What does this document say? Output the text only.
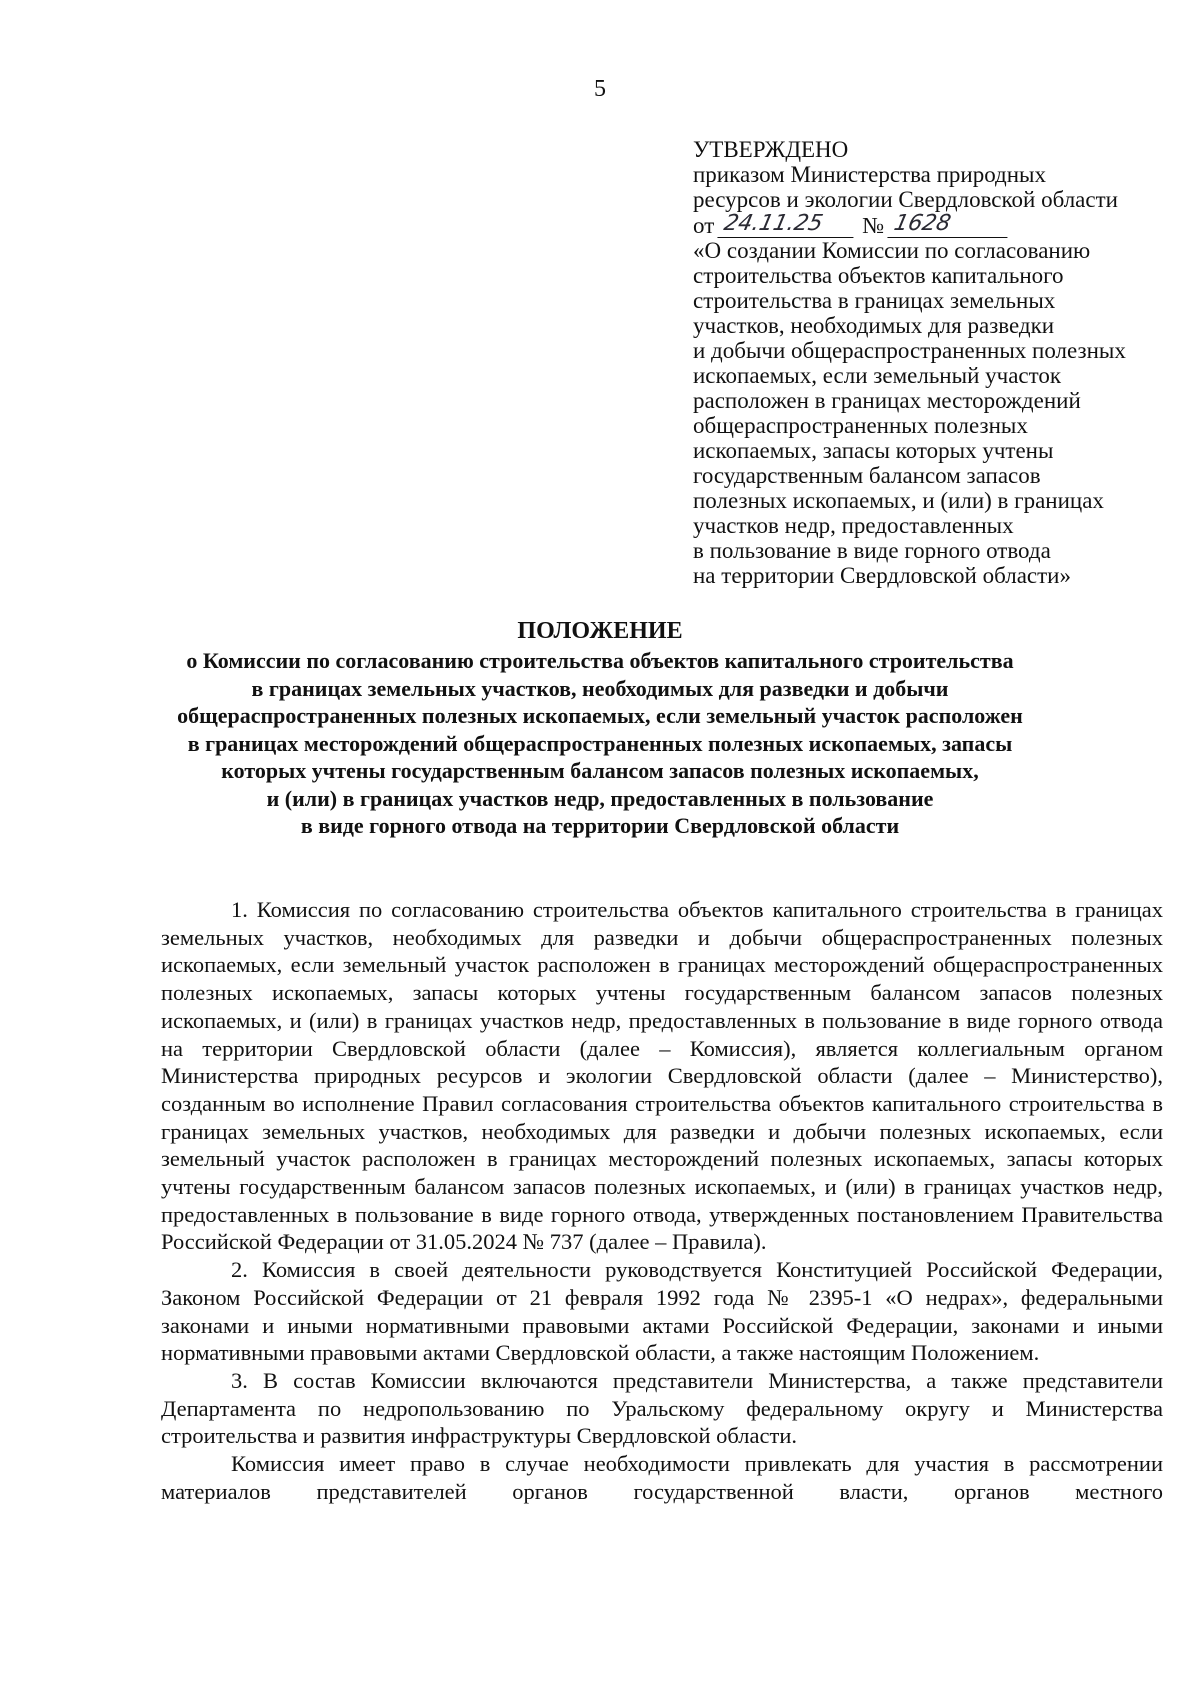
5
УТВЕРЖДЕНО
приказом Министерства природных
ресурсов и экологии Свердловской области
от 24.11.25	№ 1628
«О создании Комиссии по согласованию
строительства объектов капитального
строительства в границах земельных
участков, необходимых для разведки
и добычи общераспространенных полезных
ископаемых, если земельный участок
расположен в границах месторождений
общераспространенных полезных
ископаемых, запасы которых учтены
государственным балансом запасов
полезных ископаемых, и (или) в границах
участков недр, предоставленных
в пользование в виде горного отвода
на территории Свердловской области»
ПОЛОЖЕНИЕ
о Комиссии по согласованию строительства объектов капитального строительства
в границах земельных участков, необходимых для разведки и добычи
общераспространенных полезных ископаемых, если земельный участок расположен
в границах месторождений общераспространенных полезных ископаемых, запасы
которых учтены государственным балансом запасов полезных ископаемых,
и (или) в границах участков недр, предоставленных в пользование
в виде горного отвода на территории Свердловской области

1. Комиссия по согласованию строительства объектов капитального строительства в границах земельных участков, необходимых для разведки и добычи общераспространенных полезных ископаемых, если земельный участок расположен в границах месторождений общераспространенных полезных ископаемых, запасы которых учтены государственным балансом запасов полезных ископаемых, и (или) в границах участков недр, предоставленных в пользование в виде горного отвода на территории Свердловской области (далее – Комиссия), является коллегиальным органом Министерства природных ресурсов и экологии Свердловской области (далее – Министерство), созданным во исполнение Правил согласования строительства объектов капитального строительства в границах земельных участков, необходимых для разведки и добычи полезных ископаемых, если земельный участок расположен в границах месторождений полезных ископаемых, запасы которых учтены государственным балансом запасов полезных ископаемых, и (или) в границах участков недр, предоставленных в пользование в виде горного отвода, утвержденных постановлением Правительства Российской Федерации от 31.05.2024 № 737 (далее – Правила).

2. Комиссия в своей деятельности руководствуется Конституцией Российской Федерации, Законом Российской Федерации от 21 февраля 1992 года № 2395-1 «О недрах», федеральными законами и иными нормативными правовыми актами Российской Федерации, законами и иными нормативными правовыми актами Свердловской области, а также настоящим Положением.

3. В состав Комиссии включаются представители Министерства, а также представители Департамента по недропользованию по Уральскому федеральному округу и Министерства строительства и развития инфраструктуры Свердловской области.

Комиссия имеет право в случае необходимости привлекать для участия в рассмотрении материалов представителей органов государственной власти, органов местного
